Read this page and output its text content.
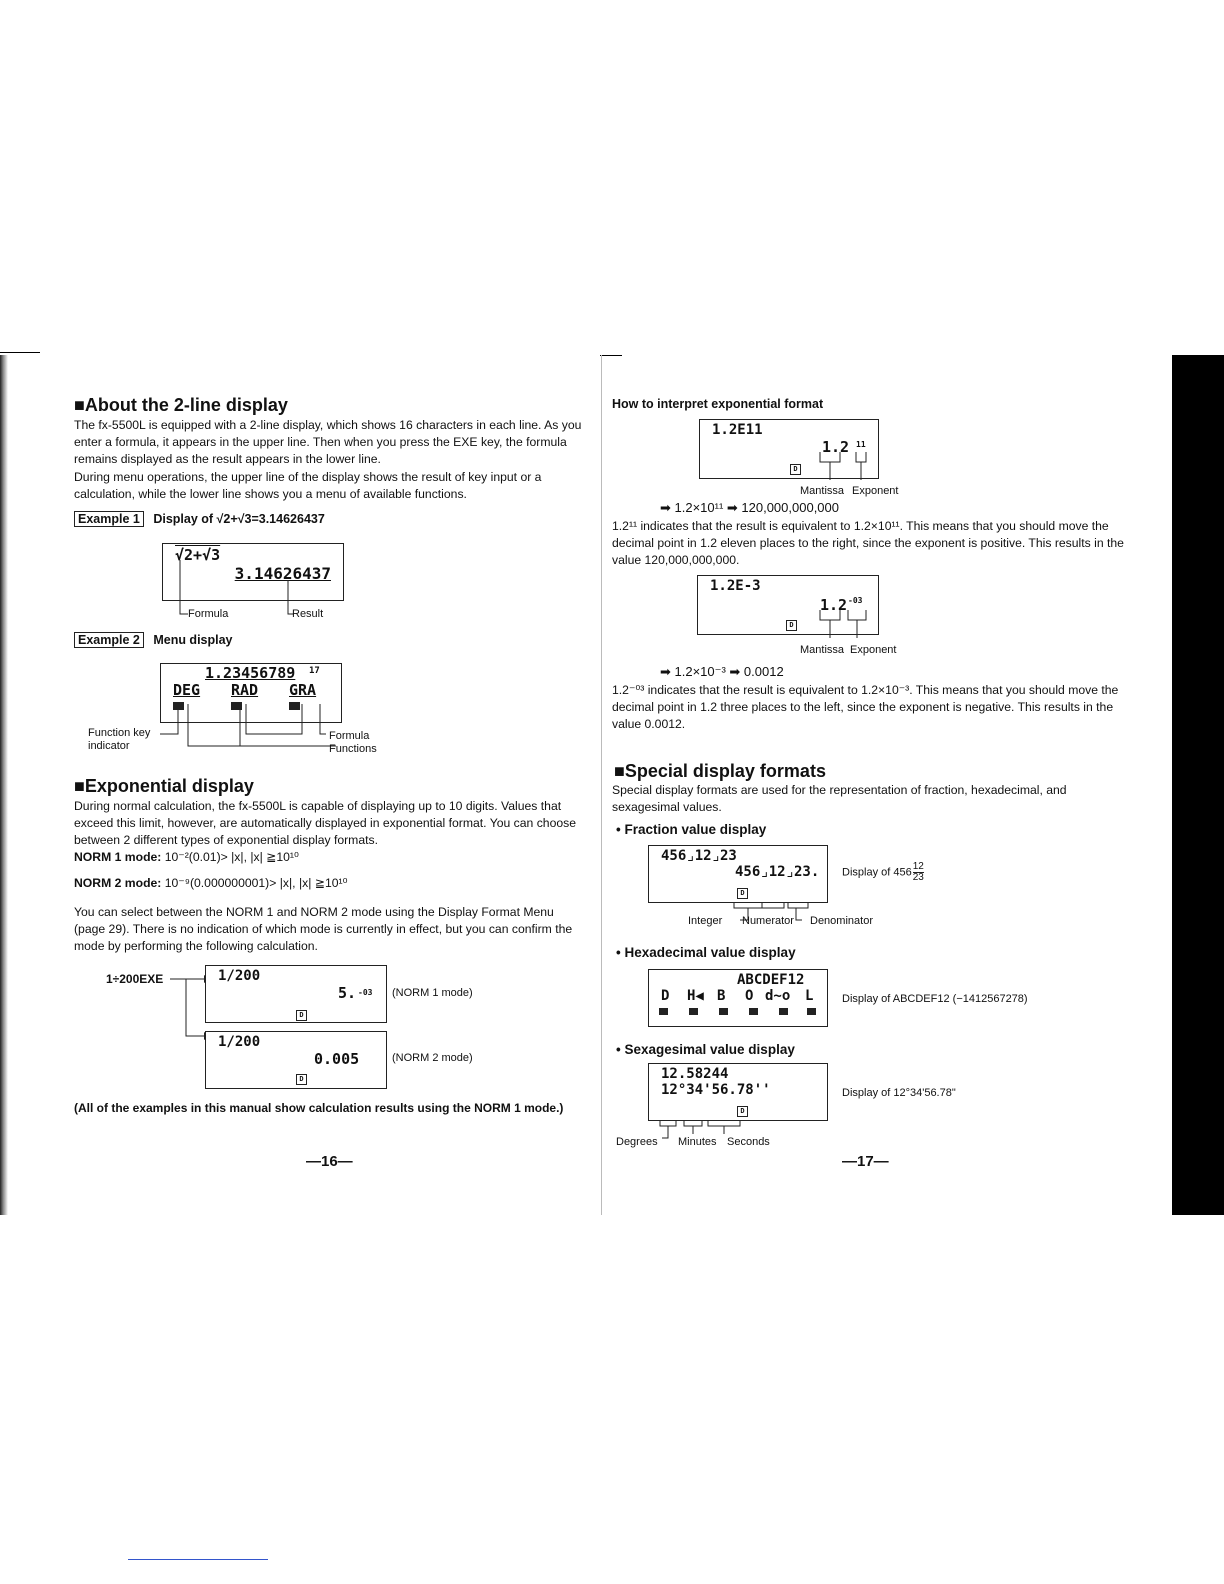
■About the 2-line display
The fx-5500L is equipped with a 2-line display, which shows 16 characters in each line. As you enter a formula, it appears in the upper line. Then when you press the EXE key, the formula remains displayed as the result appears in the lower line.
During menu operations, the upper line of the display shows the result of key input or a calculation, while the lower line shows you a menu of available functions.
Example 1 Display of √2+√3=3.14626437
√2+√3
3.14626437
Formula	Result
Example 2 Menu display
1.23456789 17
DEG RAD GRA
Function key indicator
Formula
Functions
■Exponential display
During normal calculation, the fx-5500L is capable of displaying up to 10 digits. Values that exceed this limit, however, are automatically displayed in exponential format. You can choose between 2 different types of exponential display formats.
NORM 1 mode: 10⁻²(0.01)> |x|, |x| ≧10¹⁰
NORM 2 mode: 10⁻⁹(0.000000001)> |x|, |x| ≧10¹⁰
You can select between the NORM 1 and NORM 2 mode using the Display Format Menu (page 29). There is no indication of which mode is currently in effect, but you can confirm the mode by performing the following calculation.
1÷200EXE	1/200
5. -03
D
(NORM 1 mode)
1/200
0.005
D
(NORM 2 mode)
(All of the examples in this manual show calculation results using the NORM 1 mode.)
—16—
How to interpret exponential format
1.2E11
1.2 11
D
Mantissa Exponent
➡ 1.2×10¹¹ ➡ 120,000,000,000
1.2¹¹ indicates that the result is equivalent to 1.2×10¹¹. This means that you should move the decimal point in 1.2 eleven places to the right, since the exponent is positive. This results in the value 120,000,000,000.
1.2E-3
1.2 -03
D
Mantissa Exponent
➡ 1.2×10⁻³ ➡ 0.0012
1.2⁻⁰³ indicates that the result is equivalent to 1.2×10⁻³. This means that you should move the decimal point in 1.2 three places to the left, since the exponent is negative. This results in the value 0.0012.
■Special display formats
Special display formats are used for the representation of fraction, hexadecimal, and sexagesimal values.
• Fraction value display
456⌟12⌟23
456⌟12⌟23.
D
Display of $456 \frac{12}{23}$
Integer Numerator Denominator
• Hexadecimal value display
ABCDEF12
D H◀ B O d~o L	Display of ABCDEF12 (−1412567278)
• Sexagesimal value display
12.58244
12°34'56.78''
D
Display of 12°34'56.78"
Degrees Minutes Seconds
—17—
